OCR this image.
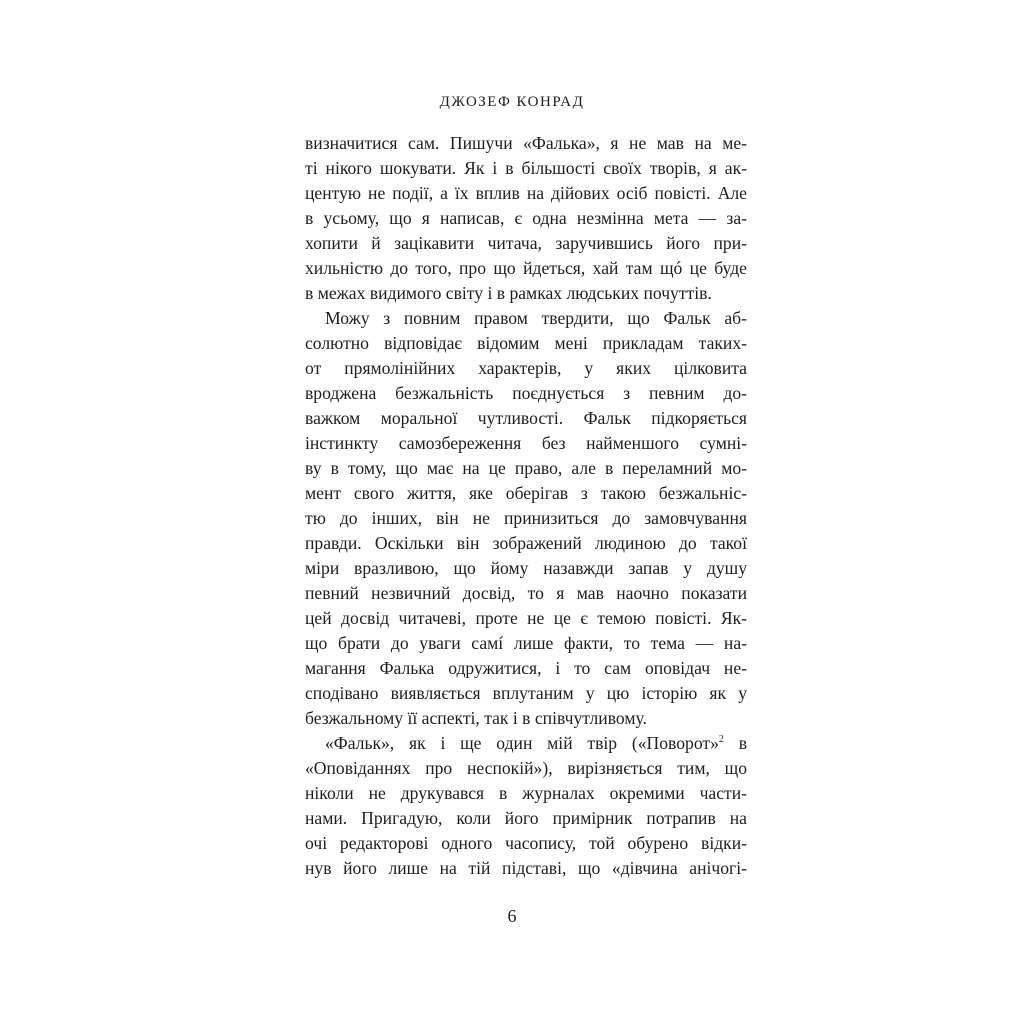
ДЖОЗЕФ КОНРАД
визначитися сам. Пишучи «Фалька», я не мав на ме-
ті нікого шокувати. Як і в більшості своїх творів, я ак-
центую не події, а їх вплив на дійових осіб повісті. Але
в усьому, що я написав, є одна незмінна мета — за-
хопити й зацікавити читача, заручившись його при-
хильністю до того, про що йдеться, хай там щó це буде
в межах видимого світу і в рамках людських почуттів.
Можу з повним правом твердити, що Фальк аб-
солютно відповідає відомим мені прикладам таких-
от прямолінійних характерів, у яких цілковита
вроджена безжальність поєднується з певним до-
важком моральної чутливості. Фальк підкоряється
інстинкту самозбереження без найменшого сумні-
ву в тому, що має на це право, але в переламний мо-
мент свого життя, яке оберігав з такою безжальніс-
тю до інших, він не принизиться до замовчування
правди. Оскільки він зображений людиною до такої
міри вразливою, що йому назавжди запав у душу
певний незвичний досвід, то я мав наочно показати
цей досвід читачеві, проте не це є темою повісті. Як-
що брати до уваги самí лише факти, то тема — на-
магання Фалька одружитися, і то сам оповідач не-
сподівано виявляється вплутаним у цю історію як у
безжальному її аспекті, так і в співчутливому.
«Фальк», як і ще один мій твір («Поворот»$^2$ в
«Оповіданнях про неспокій»), вирізняється тим, що
ніколи не друкувався в журналах окремими части-
нами. Пригадую, коли його примірник потрапив на
очі редакторові одного часопису, той обурено відки-
нув його лише на тій підставі, що «дівчина анічогі-
6
